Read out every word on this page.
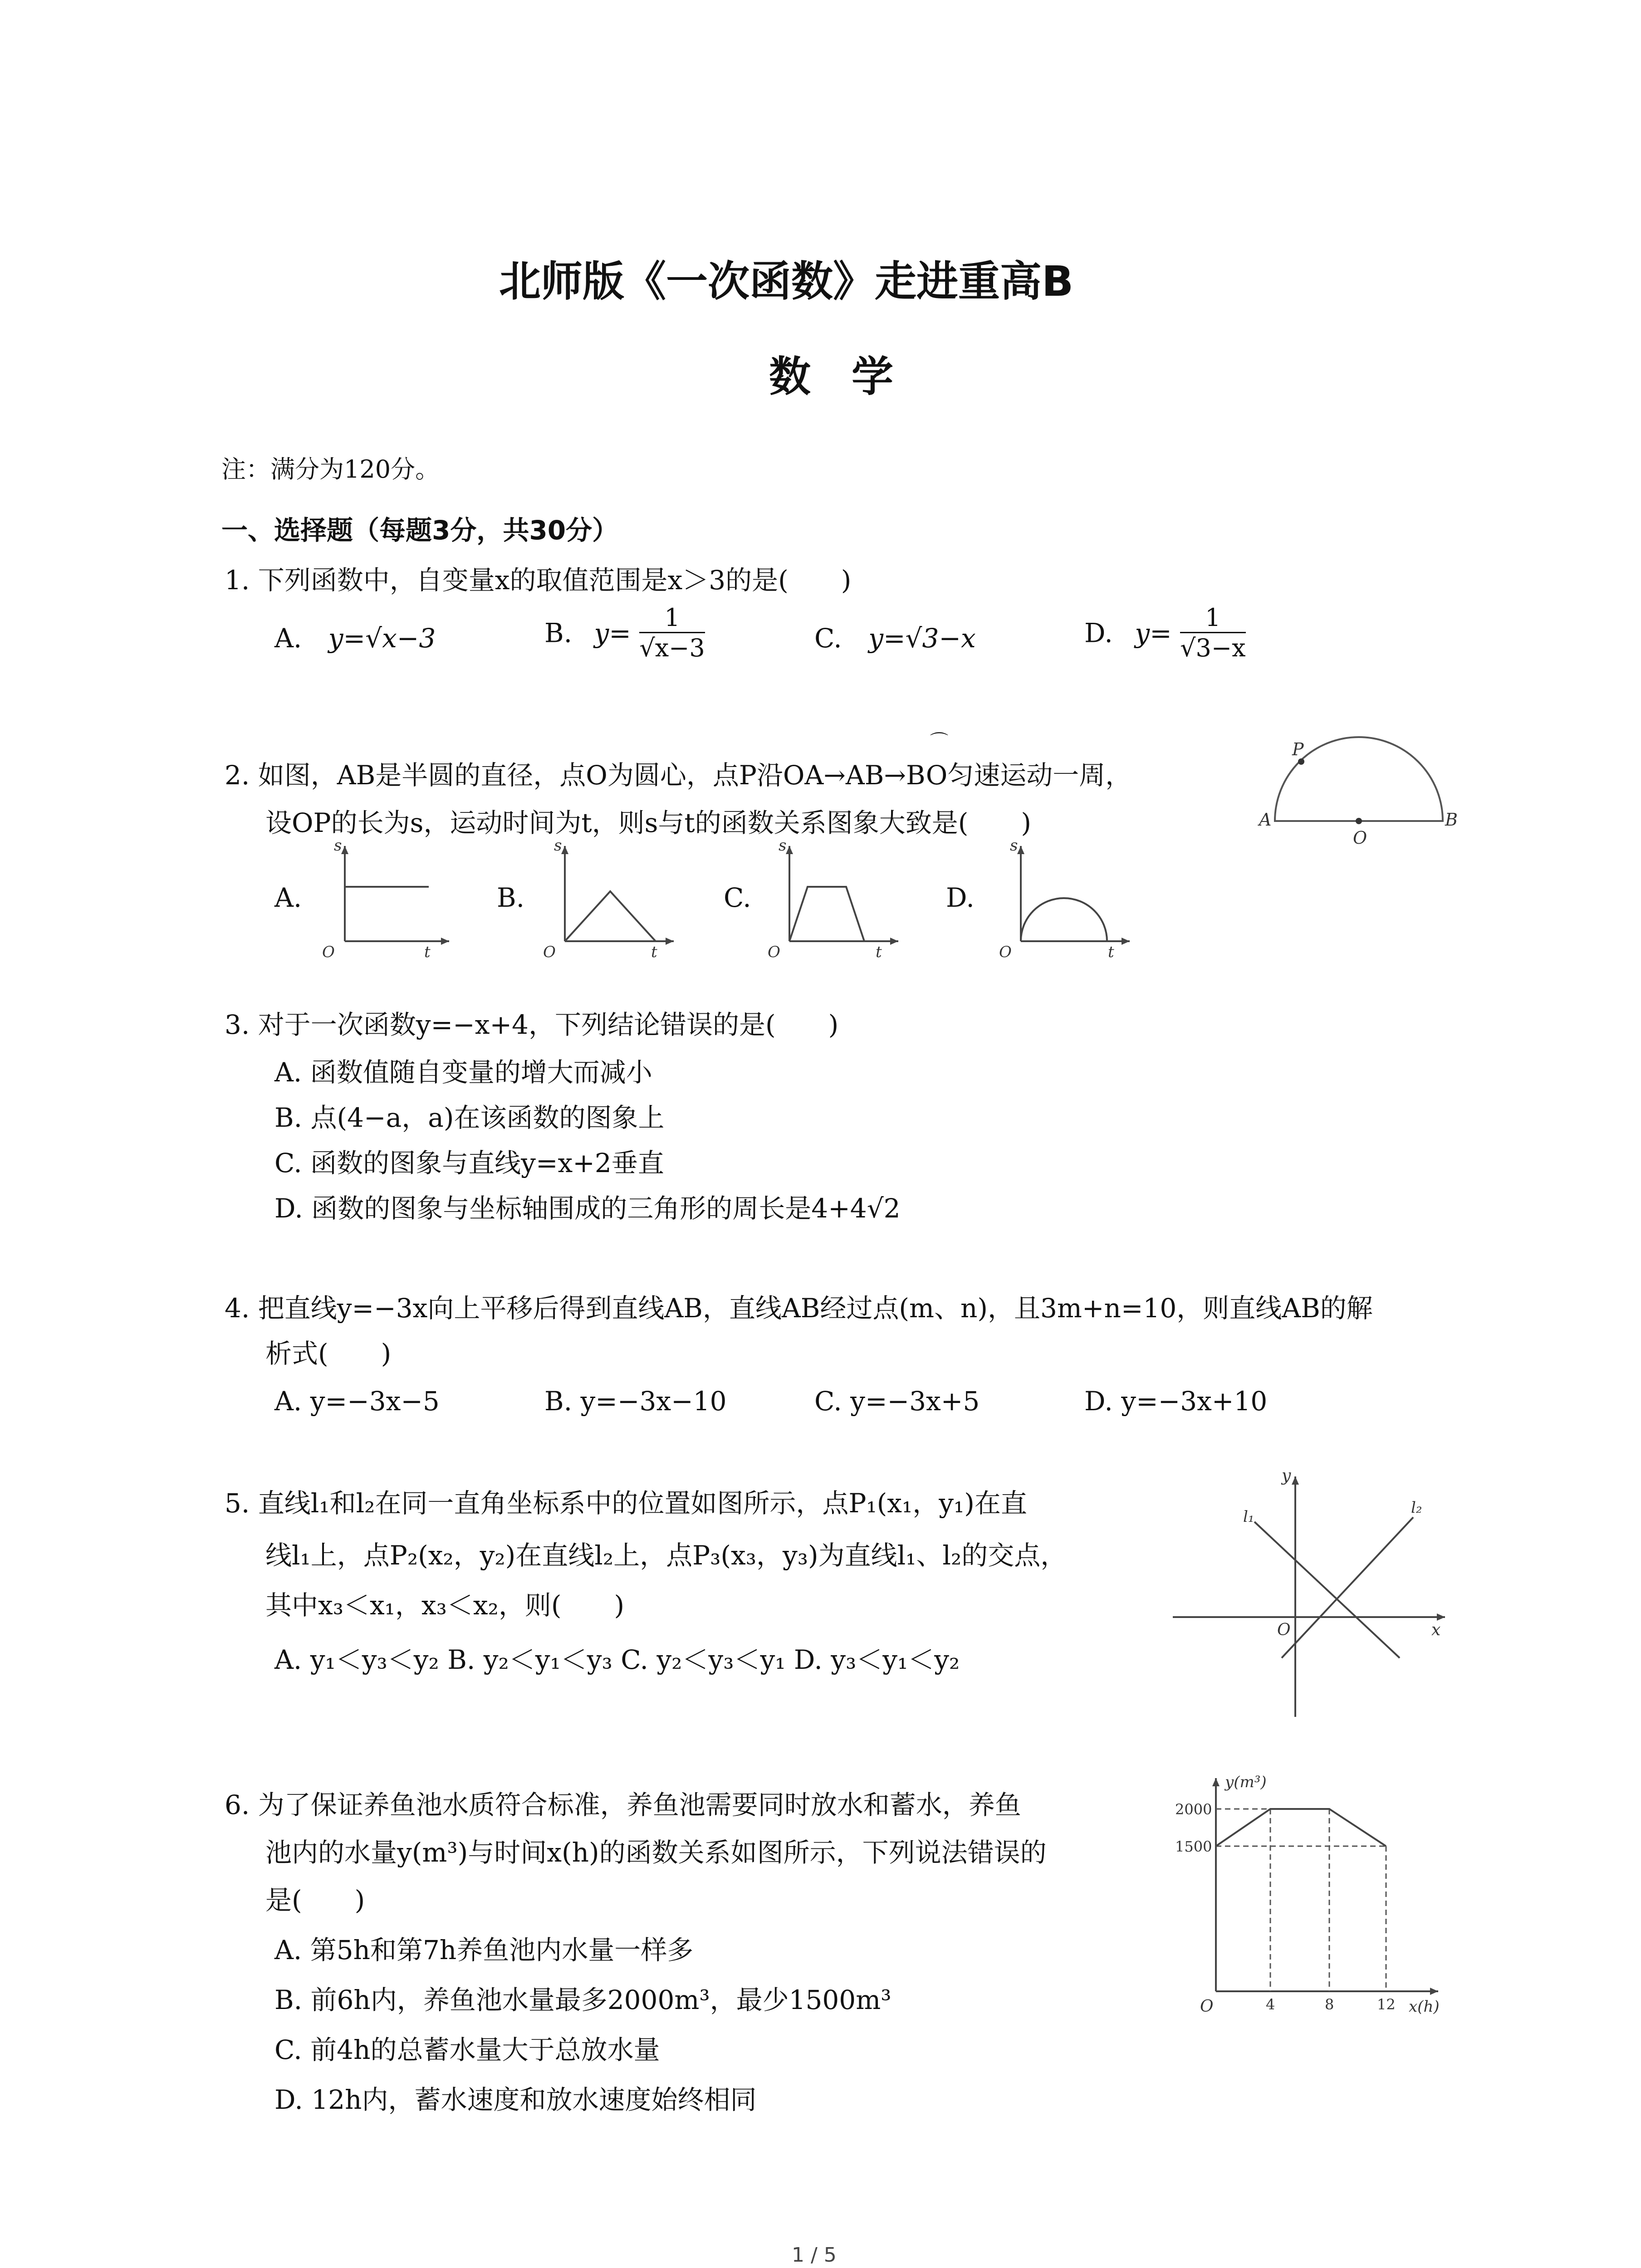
北师版《一次函数》走进重高B
数学
注：满分为120分。
一、选择题（每题3分，共30分）
1. 下列函数中，自变量x的取值范围是x＞3的是(　　)
A. y=√x−3	B. $y= \frac{1}{√x-3}$	C. y=√3−x	D. $y= \frac{1}{√3-x}$
⌒
2. 如图，AB是半圆的直径，点O为圆心，点P沿OA→AB→BO匀速运动一周，
设OP的长为s，运动时间为t，则s与t的函数关系图象大致是(　　)
P
A
O
B
A.
s
O	t
B.
s
O	t
C.
s
O	t
D.
s
O	t
3. 对于一次函数y=−x+4，下列结论错误的是(　　)
A. 函数值随自变量的增大而减小
B. 点(4−a，a)在该函数的图象上
C. 函数的图象与直线y=x+2垂直
D. 函数的图象与坐标轴围成的三角形的周长是4+4√2
4. 把直线y=−3x向上平移后得到直线AB，直线AB经过点(m、n)，且3m+n=10，则直线AB的解
析式(　　)
A. y=−3x−5	B. y=−3x−10	C. y=−3x+5	D. y=−3x+10
5. 直线l₁和l₂在同一直角坐标系中的位置如图所示，点P₁(x₁，y₁)在直
线l₁上，点P₂(x₂，y₂)在直线l₂上，点P₃(x₃，y₃)为直线l₁、l₂的交点，
其中x₃＜x₁，x₃＜x₂，则(　　)
A. y₁＜y₃＜y₂ B. y₂＜y₁＜y₃ C. y₂＜y₃＜y₁ D. y₃＜y₁＜y₂
y
x
O
l₁	l₂
6. 为了保证养鱼池水质符合标准，养鱼池需要同时放水和蓄水，养鱼
池内的水量y(m³)与时间x(h)的函数关系如图所示，下列说法错误的
是(　　)
A. 第5h和第7h养鱼池内水量一样多
B. 前6h内，养鱼池水量最多2000m³，最少1500m³
C. 前4h的总蓄水量大于总放水量
D. 12h内，蓄水速度和放水速度始终相同
y(m³)
x(h)
O
2000
1500
4	8	12
1 / 5
